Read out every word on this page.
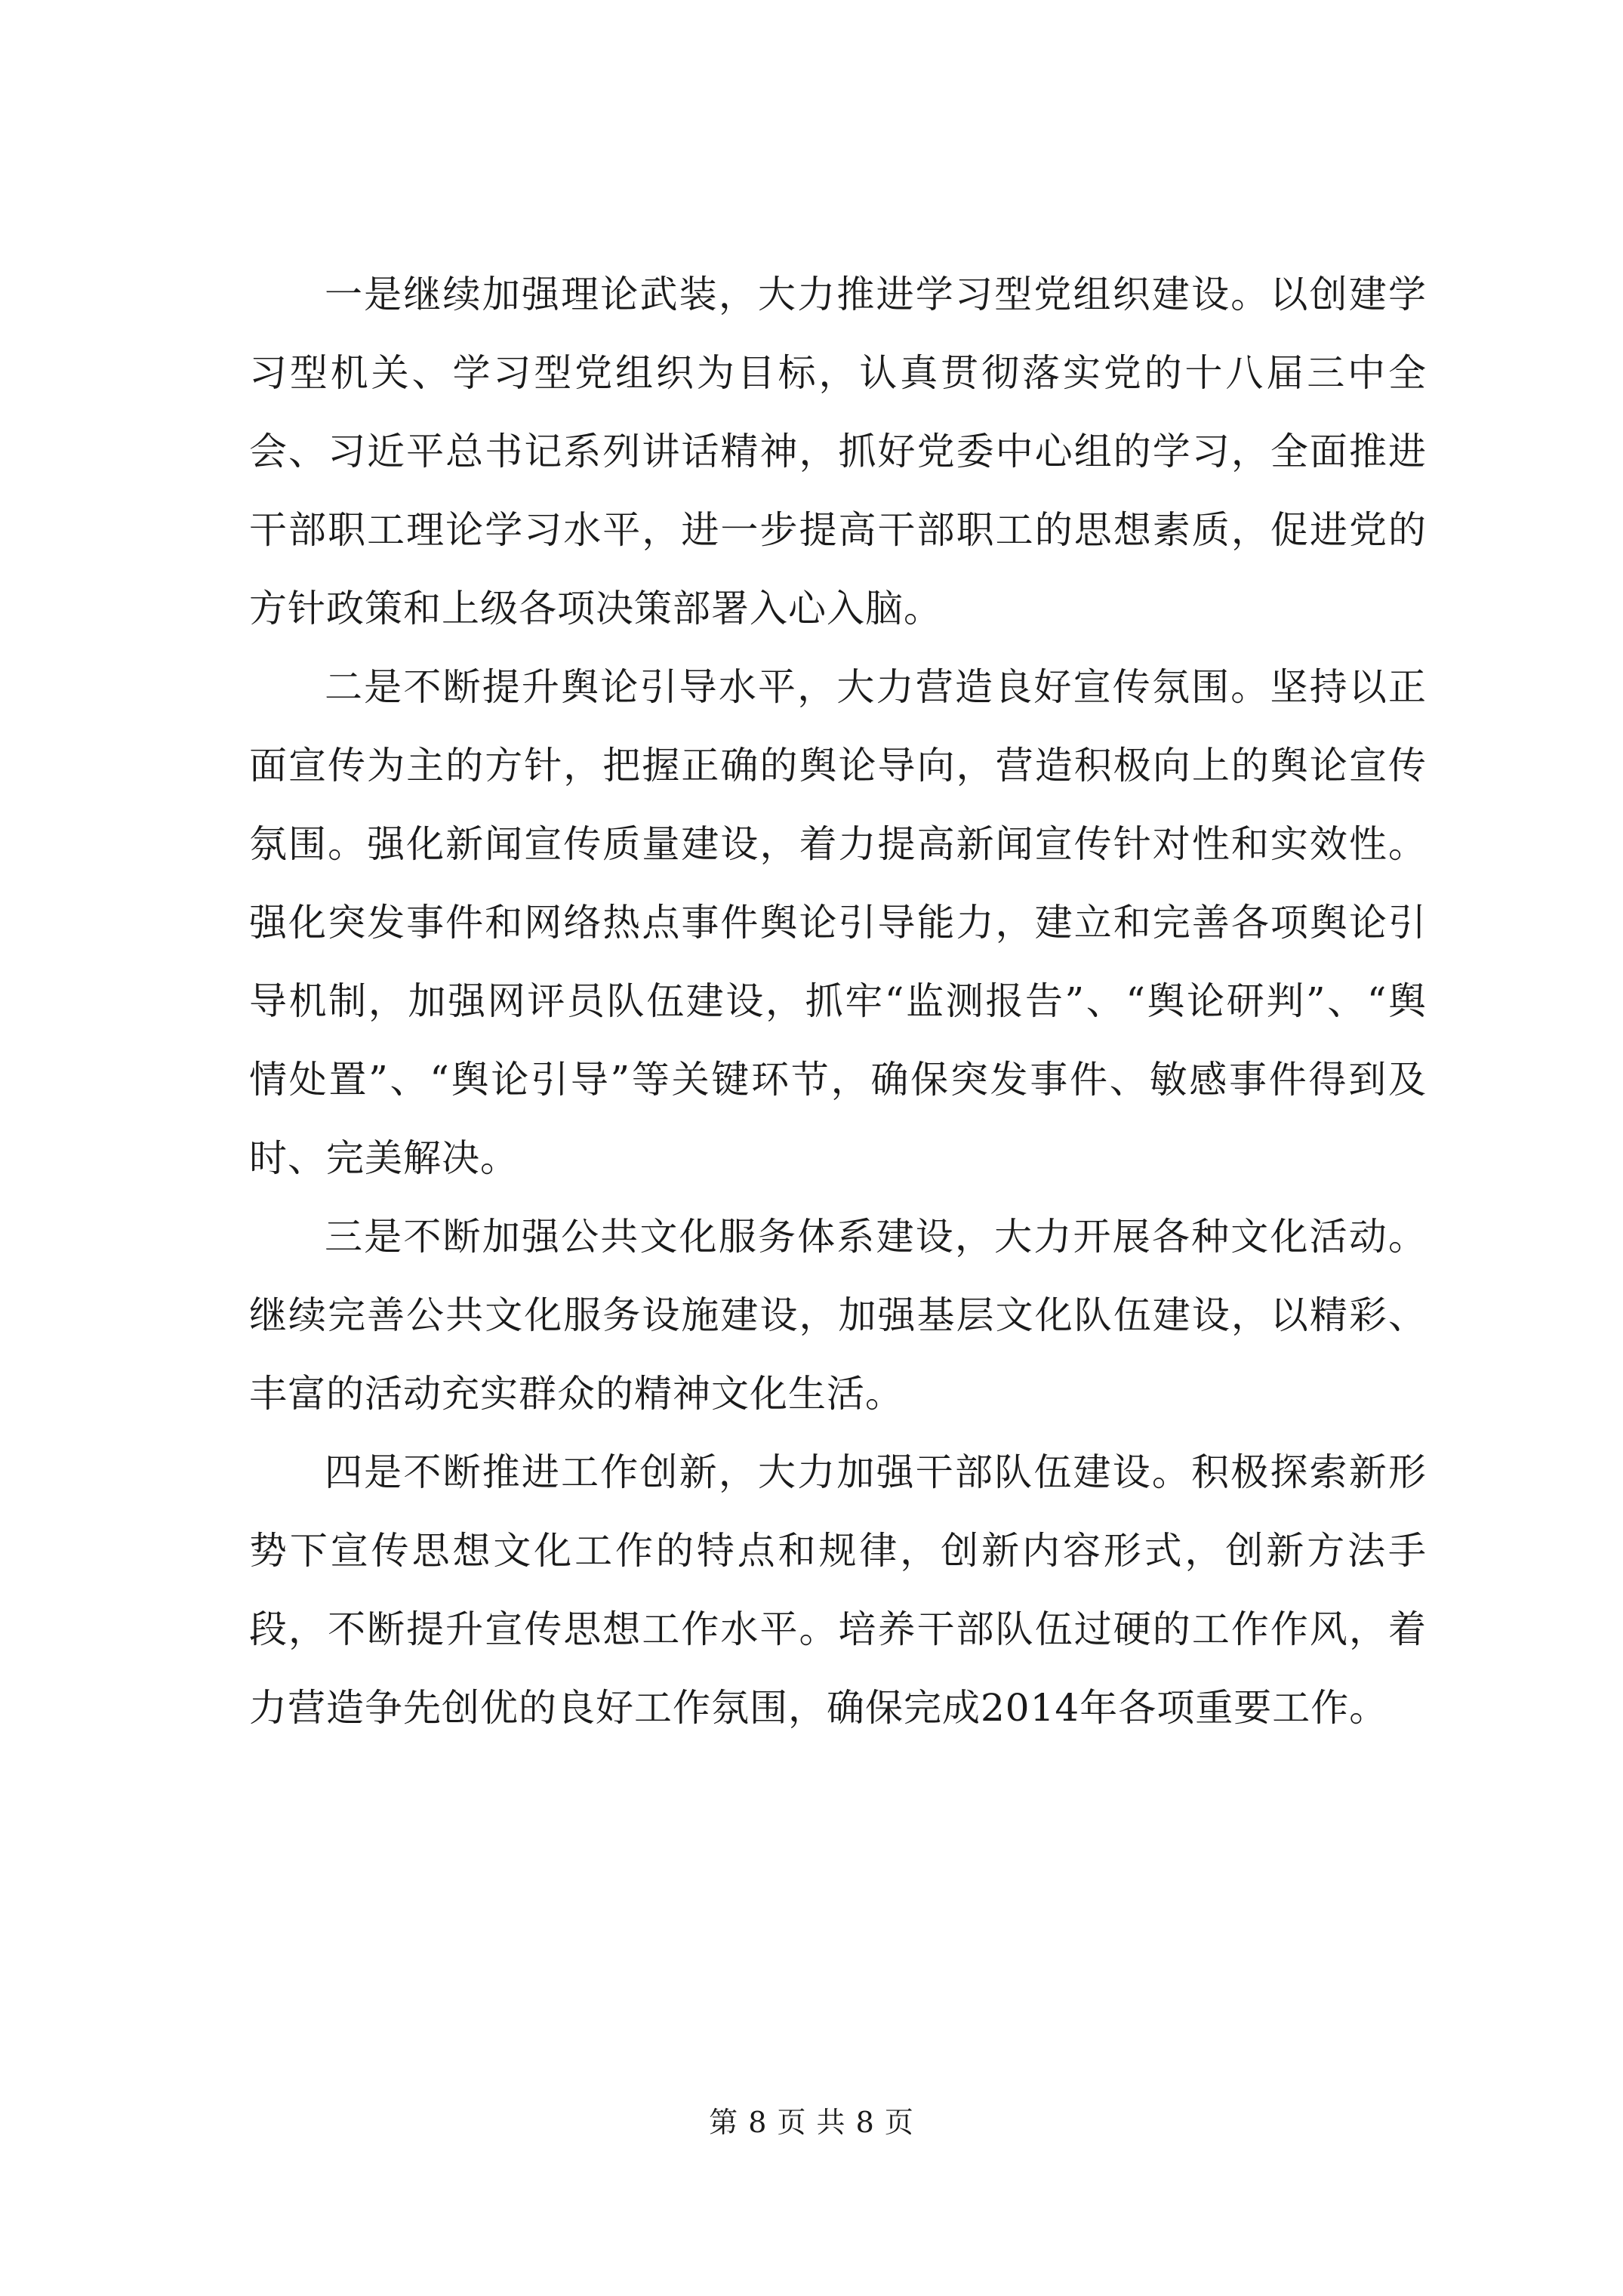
一是继续加强理论武装，大力推进学习型党组织建设。以创建学习型机关、学习型党组织为目标，认真贯彻落实党的十八届三中全会、习近平总书记系列讲话精神，抓好党委中心组的学习，全面推进干部职工理论学习水平，进一步提高干部职工的思想素质，促进党的方针政策和上级各项决策部署入心入脑。

二是不断提升舆论引导水平，大力营造良好宣传氛围。坚持以正面宣传为主的方针，把握正确的舆论导向，营造积极向上的舆论宣传氛围。强化新闻宣传质量建设，着力提高新闻宣传针对性和实效性。强化突发事件和网络热点事件舆论引导能力，建立和完善各项舆论引导机制，加强网评员队伍建设，抓牢“监测报告”、“舆论研判”、“舆情处置”、“舆论引导”等关键环节，确保突发事件、敏感事件得到及时、完美解决。

三是不断加强公共文化服务体系建设，大力开展各种文化活动。继续完善公共文化服务设施建设，加强基层文化队伍建设，以精彩、丰富的活动充实群众的精神文化生活。

四是不断推进工作创新，大力加强干部队伍建设。积极探索新形势下宣传思想文化工作的特点和规律，创新内容形式，创新方法手段，不断提升宣传思想工作水平。培养干部队伍过硬的工作作风，着力营造争先创优的良好工作氛围，确保完成2014年各项重要工作。

第 8 页 共 8 页
